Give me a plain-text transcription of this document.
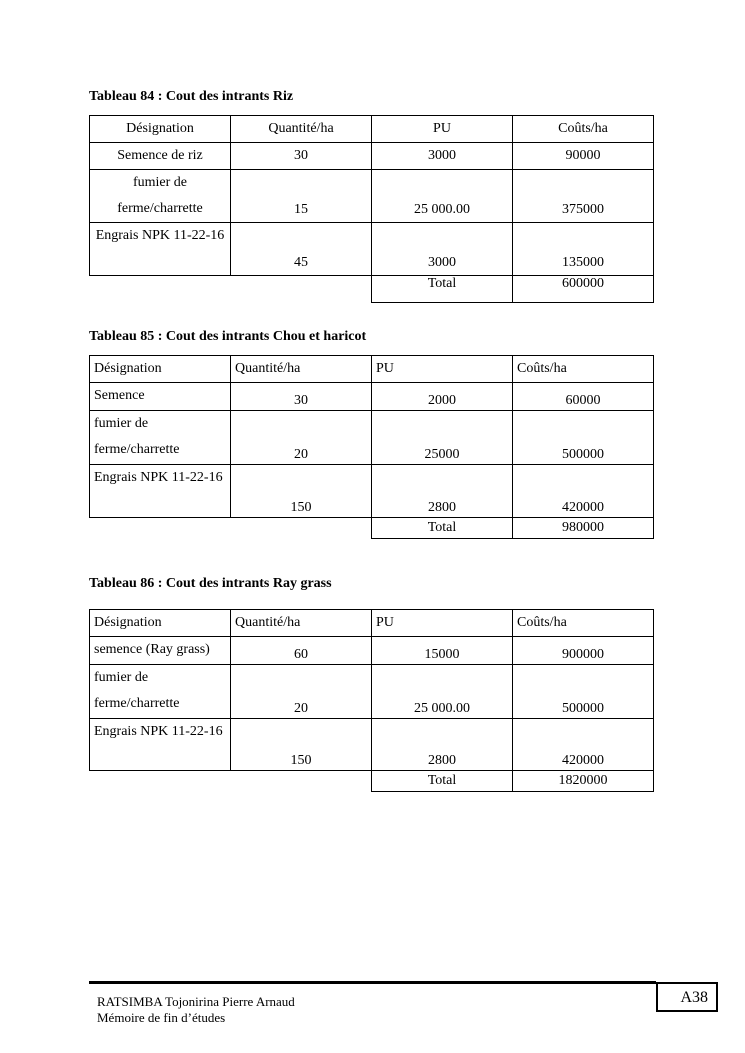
Tableau 84 : Cout des intrants Riz
Désignation	Quantité/ha	PU	Coûts/ha
Semence de riz	30	3000	90000
fumier de ferme/charrette	15	25 000.00	375000
Engrais NPK 11-22-16	45	3000	135000
		Total	600000
Tableau 85 : Cout des intrants Chou et haricot
Désignation	Quantité/ha	PU	Coûts/ha
Semence	30	2000	60000
fumier de ferme/charrette	20	25000	500000
Engrais NPK 11-22-16	150	2800	420000
		Total	980000
Tableau 86 : Cout des intrants Ray grass
Désignation	Quantité/ha	PU	Coûts/ha
semence (Ray grass)	60	15000	900000
fumier de ferme/charrette	20	25 000.00	500000
Engrais NPK 11-22-16	150	2800	420000
		Total	1820000
RATSIMBA Tojonirina Pierre Arnaud
Mémoire de fin d’études
A38
